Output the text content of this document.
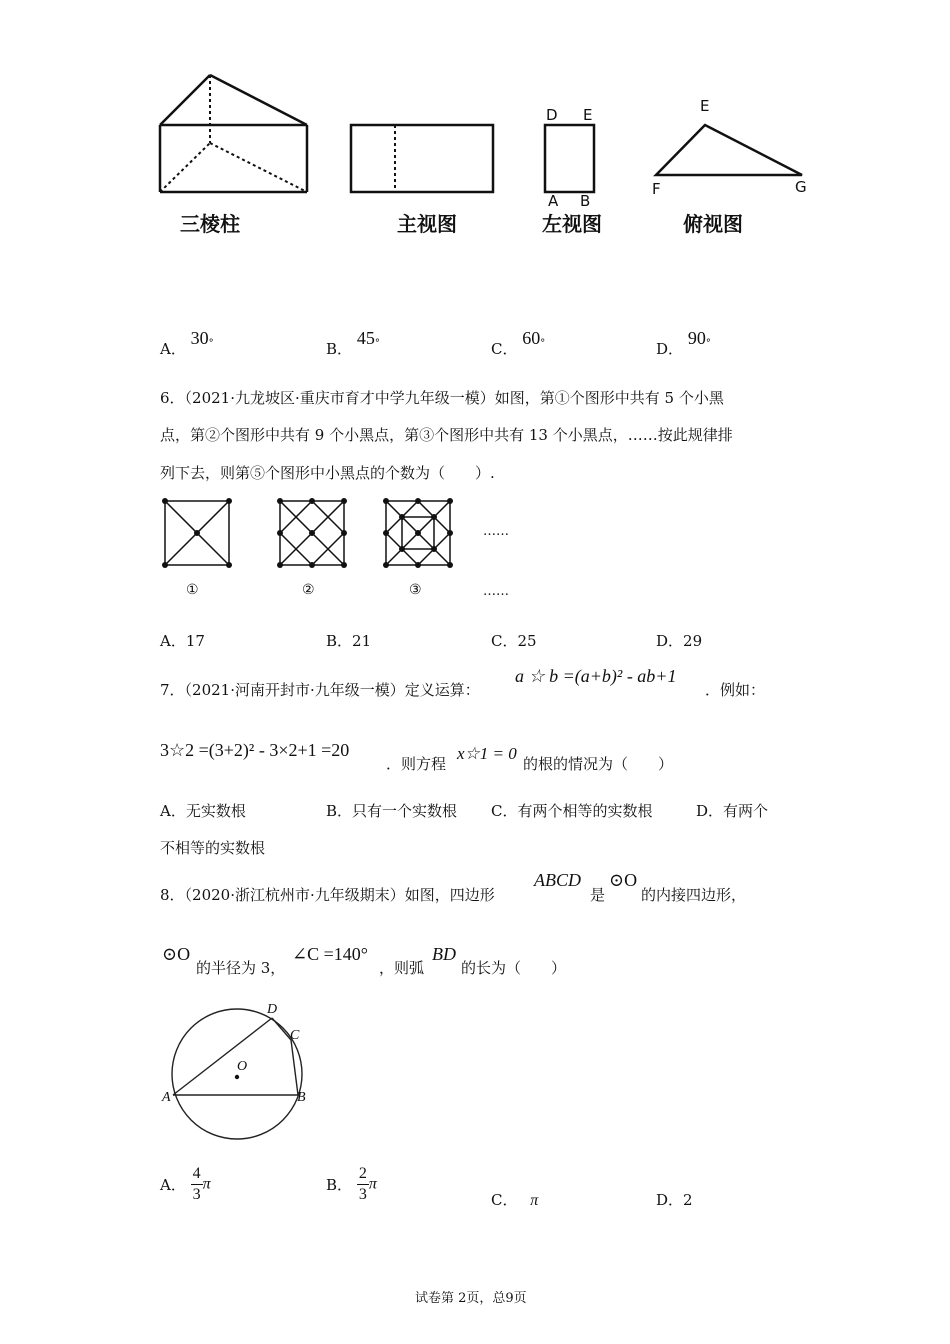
三棱柱	主视图	左视图	俯视图
D E
A B
E
F	G
A． 30°	B． 45°	C． 60°	D． 90°
6．（2021·九龙坡区·重庆市育才中学九年级一模）如图，第①个图形中共有 5 个小黑
点，第②个图形中共有 9 个小黑点，第③个图形中共有 13 个小黑点，……按此规律排
列下去，则第⑤个图形中小黑点的个数为（　　）.
①	②	③
……
……
A．17	B．21	C．25	D．29
7．（2021·河南开封市·九年级一模）定义运算：
a ☆ b =(a+b)² - ab+1
．例如：
3☆2 =(3+2)² - 3×2+1 =20
．则方程
x☆1 = 0
的根的情况为（　　）
A．无实数根	B．只有一个实数根 C．有两个相等的实数根	D．有两个
不相等的实数根
8．（2020·浙江杭州市·九年级期末）如图，四边形
ABCD
是
⊙O
的内接四边形，
⊙O
的半径为 3，
∠C =140°
，则弧
BD
的长为（　　）
D
C
O
A	B
A． $\frac{4}{3}$ π	B． $\frac{2}{3}$ π
C． π	D．2
试卷第 2页，总9页
